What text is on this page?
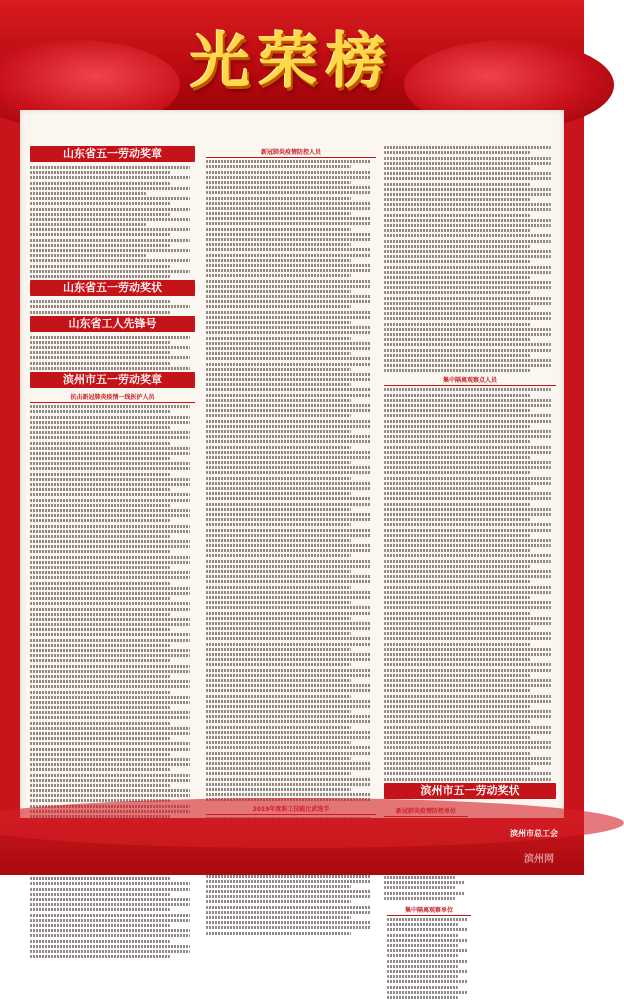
光荣榜
山东省五一劳动奖章
山东省五一劳动奖状
山东省工人先锋号
滨州市五一劳动奖章
抗击新冠肺炎疫情一线医护人员
新冠肺炎疫情防控人员
集中隔离观察点人员
滨州市五一劳动奖状

集中隔离观察单位
滨州市总工会
滨州网
